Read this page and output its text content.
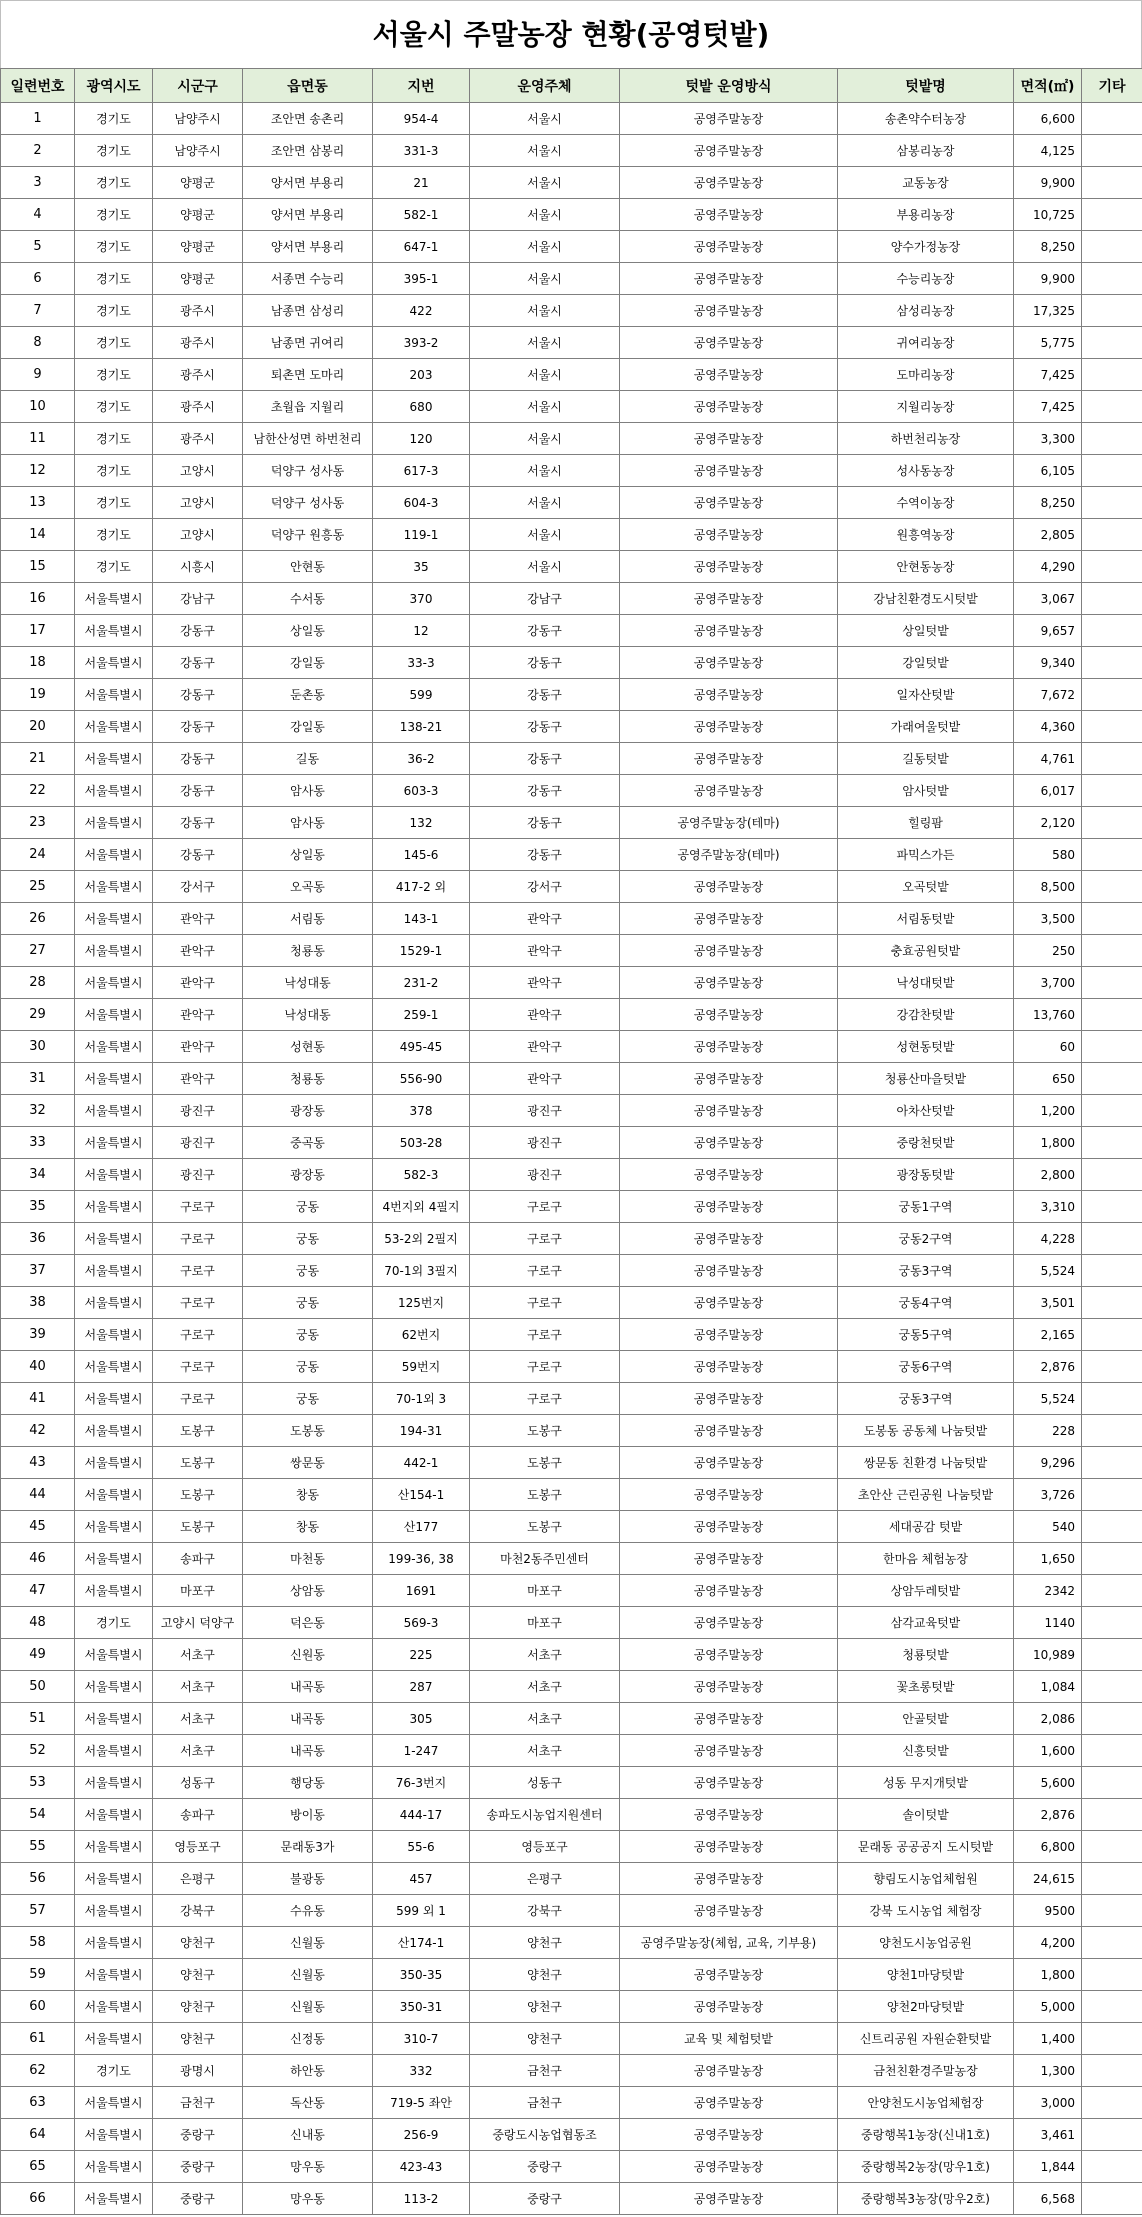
서울시 주말농장 현황(공영텃밭)
일련번호	광역시도	시군구	읍면동	지번	운영주체	텃밭 운영방식	텃밭명	면적(㎡)	기타
1	경기도	남양주시	조안면 송촌리	954-4	서울시	공영주말농장	송촌약수터농장	6,600	
2	경기도	남양주시	조안면 삼봉리	331-3	서울시	공영주말농장	삼봉리농장	4,125	
3	경기도	양평군	양서면 부용리	21	서울시	공영주말농장	교동농장	9,900	
4	경기도	양평군	양서면 부용리	582-1	서울시	공영주말농장	부용리농장	10,725	
5	경기도	양평군	양서면 부용리	647-1	서울시	공영주말농장	양수가정농장	8,250	
6	경기도	양평군	서종면 수능리	395-1	서울시	공영주말농장	수능리농장	9,900	
7	경기도	광주시	남종면 삼성리	422	서울시	공영주말농장	삼성리농장	17,325	
8	경기도	광주시	남종면 귀여리	393-2	서울시	공영주말농장	귀여리농장	5,775	
9	경기도	광주시	퇴촌면 도마리	203	서울시	공영주말농장	도마리농장	7,425	
10	경기도	광주시	초월읍 지월리	680	서울시	공영주말농장	지월리농장	7,425	
11	경기도	광주시	남한산성면 하번천리	120	서울시	공영주말농장	하번천리농장	3,300	
12	경기도	고양시	덕양구 성사동	617-3	서울시	공영주말농장	성사동농장	6,105	
13	경기도	고양시	덕양구 성사동	604-3	서울시	공영주말농장	수역이농장	8,250	
14	경기도	고양시	덕양구 원흥동	119-1	서울시	공영주말농장	원흥역농장	2,805	
15	경기도	시흥시	안현동	35	서울시	공영주말농장	안현동농장	4,290	
16	서울특별시	강남구	수서동	370	강남구	공영주말농장	강남친환경도시텃밭	3,067	
17	서울특별시	강동구	상일동	12	강동구	공영주말농장	상일텃밭	9,657	
18	서울특별시	강동구	강일동	33-3	강동구	공영주말농장	강일텃밭	9,340	
19	서울특별시	강동구	둔촌동	599	강동구	공영주말농장	일자산텃밭	7,672	
20	서울특별시	강동구	강일동	138-21	강동구	공영주말농장	가래여울텃밭	4,360	
21	서울특별시	강동구	길동	36-2	강동구	공영주말농장	길동텃밭	4,761	
22	서울특별시	강동구	암사동	603-3	강동구	공영주말농장	암사텃밭	6,017	
23	서울특별시	강동구	암사동	132	강동구	공영주말농장(테마)	힐링팜	2,120	
24	서울특별시	강동구	상일동	145-6	강동구	공영주말농장(테마)	파믹스가든	580	
25	서울특별시	강서구	오곡동	417-2 외	강서구	공영주말농장	오곡텃밭	8,500	
26	서울특별시	관악구	서림동	143-1	관악구	공영주말농장	서림동텃밭	3,500	
27	서울특별시	관악구	청룡동	1529-1	관악구	공영주말농장	충효공원텃밭	250	
28	서울특별시	관악구	낙성대동	231-2	관악구	공영주말농장	낙성대텃밭	3,700	
29	서울특별시	관악구	낙성대동	259-1	관악구	공영주말농장	강감찬텃밭	13,760	
30	서울특별시	관악구	성현동	495-45	관악구	공영주말농장	성현동텃밭	60	
31	서울특별시	관악구	청룡동	556-90	관악구	공영주말농장	청룡산마을텃밭	650	
32	서울특별시	광진구	광장동	378	광진구	공영주말농장	아차산텃밭	1,200	
33	서울특별시	광진구	중곡동	503-28	광진구	공영주말농장	중랑천텃밭	1,800	
34	서울특별시	광진구	광장동	582-3	광진구	공영주말농장	광장동텃밭	2,800	
35	서울특별시	구로구	궁동	4번지외 4필지	구로구	공영주말농장	궁동1구역	3,310	
36	서울특별시	구로구	궁동	53-2외 2필지	구로구	공영주말농장	궁동2구역	4,228	
37	서울특별시	구로구	궁동	70-1외 3필지	구로구	공영주말농장	궁동3구역	5,524	
38	서울특별시	구로구	궁동	125번지	구로구	공영주말농장	궁동4구역	3,501	
39	서울특별시	구로구	궁동	62번지	구로구	공영주말농장	궁동5구역	2,165	
40	서울특별시	구로구	궁동	59번지	구로구	공영주말농장	궁동6구역	2,876	
41	서울특별시	구로구	궁동	70-1외 3	구로구	공영주말농장	궁동3구역	5,524	
42	서울특별시	도봉구	도봉동	194-31	도봉구	공영주말농장	도봉동 공동체 나눔텃밭	228	
43	서울특별시	도봉구	쌍문동	442-1	도봉구	공영주말농장	쌍문동 친환경 나눔텃밭	9,296	
44	서울특별시	도봉구	창동	산154-1	도봉구	공영주말농장	초안산 근린공원 나눔텃밭	3,726	
45	서울특별시	도봉구	창동	산177	도봉구	공영주말농장	세대공감 텃밭	540	
46	서울특별시	송파구	마천동	199-36, 38	마천2동주민센터	공영주말농장	한마음 체험농장	1,650	
47	서울특별시	마포구	상암동	1691	마포구	공영주말농장	상암두레텃밭	2342	
48	경기도	고양시 덕양구	덕은동	569-3	마포구	공영주말농장	삼각교육텃밭	1140	
49	서울특별시	서초구	신원동	225	서초구	공영주말농장	청룡텃밭	10,989	
50	서울특별시	서초구	내곡동	287	서초구	공영주말농장	꽃초롱텃밭	1,084	
51	서울특별시	서초구	내곡동	305	서초구	공영주말농장	안골텃밭	2,086	
52	서울특별시	서초구	내곡동	1-247	서초구	공영주말농장	신흥텃밭	1,600	
53	서울특별시	성동구	행당동	76-3번지	성동구	공영주말농장	성동 무지개텃밭	5,600	
54	서울특별시	송파구	방이동	444-17	송파도시농업지원센터	공영주말농장	솔이텃밭	2,876	
55	서울특별시	영등포구	문래동3가	55-6	영등포구	공영주말농장	문래동 공공공지 도시텃밭	6,800	
56	서울특별시	은평구	불광동	457	은평구	공영주말농장	향림도시농업체험원	24,615	
57	서울특별시	강북구	수유동	599 외 1	강북구	공영주말농장	강북 도시농업 체험장	9500	
58	서울특별시	양천구	신월동	산174-1	양천구	공영주말농장(체험, 교육, 기부용)	양천도시농업공원	4,200	
59	서울특별시	양천구	신월동	350-35	양천구	공영주말농장	양천1마당텃밭	1,800	
60	서울특별시	양천구	신월동	350-31	양천구	공영주말농장	양천2마당텃밭	5,000	
61	서울특별시	양천구	신정동	310-7	양천구	교육 및 체험텃밭	신트리공원 자원순환텃밭	1,400	
62	경기도	광명시	하안동	332	금천구	공영주말농장	금천친환경주말농장	1,300	
63	서울특별시	금천구	독산동	719-5 좌안	금천구	공영주말농장	안양천도시농업체험장	3,000	
64	서울특별시	중랑구	신내동	256-9	중랑도시농업협동조	공영주말농장	중랑행복1농장(신내1호)	3,461	
65	서울특별시	중랑구	망우동	423-43	중랑구	공영주말농장	중랑행복2농장(망우1호)	1,844	
66	서울특별시	중랑구	망우동	113-2	중랑구	공영주말농장	중랑행복3농장(망우2호)	6,568	
